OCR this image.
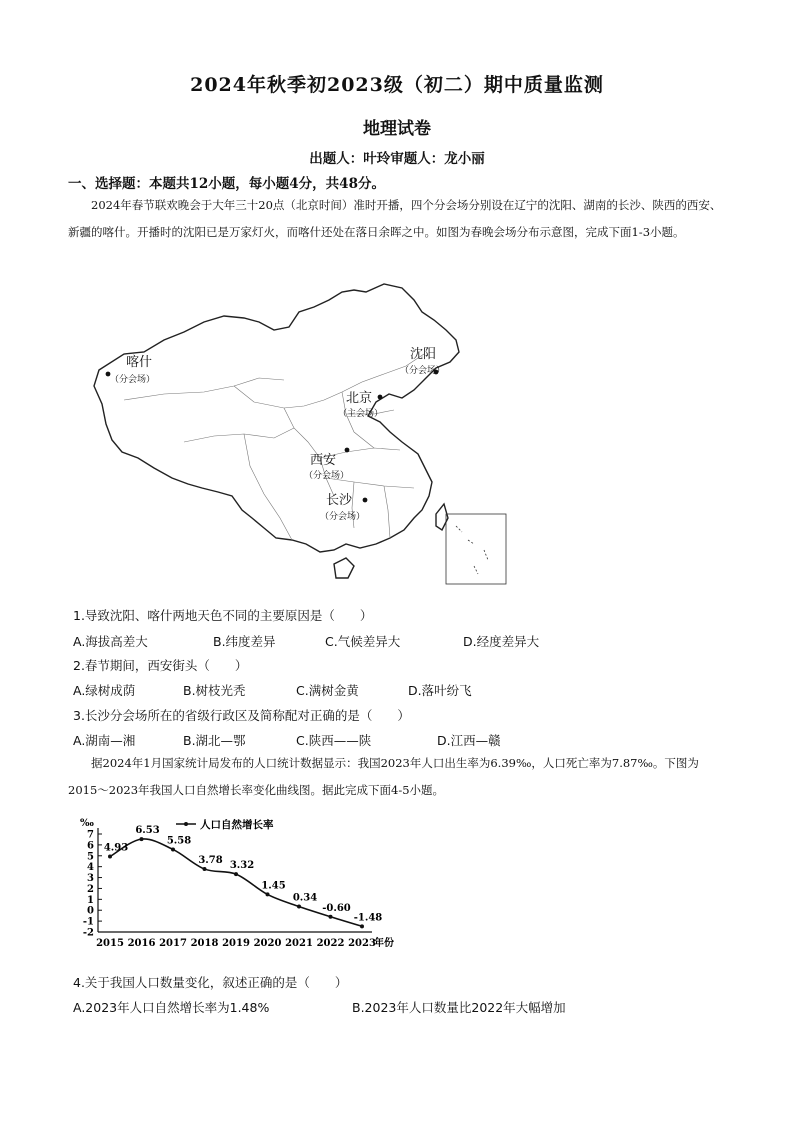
2024年秋季初2023级（初二）期中质量监测
地理试卷
出题人：叶玲审题人：龙小丽
一、选择题：本题共12小题，每小题4分，共48分。
2024年春节联欢晚会于大年三十20点（北京时间）准时开播，四个分会场分别设在辽宁的沈阳、湖南的长沙、陕西的西安、新疆的喀什。开播时的沈阳已是万家灯火，而喀什还处在落日余晖之中。如图为春晚会场分布示意图，完成下面1-3小题。
喀什
（分会场）
沈阳
（分会场）
北京
（主会场）
西安
（分会场）
长沙
（分会场）
1.导致沈阳、喀什两地天色不同的主要原因是（　　）
A.海拔高差大	B.纬度差异	C.气候差异大	D.经度差异大
2.春节期间，西安街头（　　）
A.绿树成荫	B.树枝光秃	C.满树金黄	D.落叶纷飞
3.长沙分会场所在的省级行政区及简称配对正确的是（　　）
A.湖南—湘	B.湖北—鄂	C.陕西——陕	D.江西—赣
据2024年1月国家统计局发布的人口统计数据显示：我国2023年人口出生率为6.39‰，人口死亡率为7.87‰。下图为2015～2023年我国人口自然增长率变化曲线图。据此完成下面4-5小题。
‰
7
6
5
4
3
2
1
0
-1
-2
2015 2016 2017 2018 2019 2020 2021 2022 2023
年份
4.93
6.53
5.58
3.78 3.32
1.45
0.34
-0.60
-1.48
人口自然增长率
4.关于我国人口数量变化，叙述正确的是（　　）
A.2023年人口自然增长率为1.48%	B.2023年人口数量比2022年大幅增加
